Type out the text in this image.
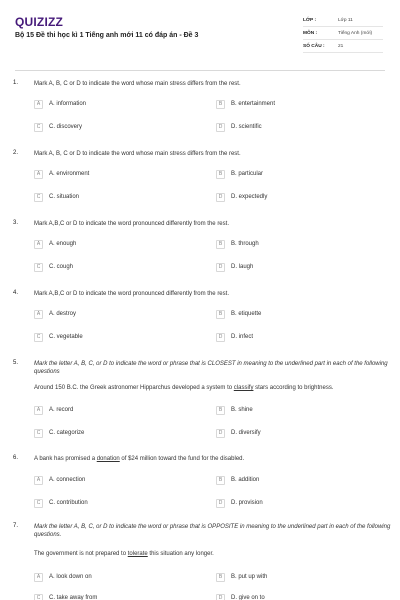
QUIZIZZ
Bộ 15 Đề thi học kì 1 Tiếng anh mới 11 có đáp án - Đề 3
LỚP :	Lớp 11
MÔN :	Tiếng Anh (mới)
SỐ CÂU :	21
1.	Mark A, B, C or D to indicate the word whose main stress differs from the rest.
A	A. information	B	B. entertainment
C	C. discovery	D	D. scientific
2.	Mark A, B, C or D to indicate the word whose main stress differs from the rest.
A	A. environment	B	B. particular
C	C. situation	D	D. expectedly
3.	Mark A,B,C or D to indicate the word pronounced differently from the rest.
A	A. enough	B	B. through
C	C. cough	D	D. laugh
4.	Mark A,B,C or D to indicate the word pronounced differently from the rest.
A	A. destroy	B	B. etiquette
C	C. vegetable	D	D. infect
5.	Mark the letter A, B, C, or D to indicate the word or phrase that is CLOSEST in meaning to the underlined part in each of the following questions
Around 150 B.C. the Greek astronomer Hipparchus developed a system to classify stars according to brightness.
A	A. record	B	B. shine
C	C. categorize	D	D. diversify
6.	A bank has promised a donation of $24 million toward the fund for the disabled.
A	A. connection	B	B. addition
C	C. contribution	D	D. provision
7.	Mark the letter A, B, C, or D to indicate the word or phrase that is OPPOSITE in meaning to the underlined part in each of the following questions.
The government is not prepared to tolerate this situation any longer.
A	A. look down on	B	B. put up with
C	C. take away from	D	D. give on to
